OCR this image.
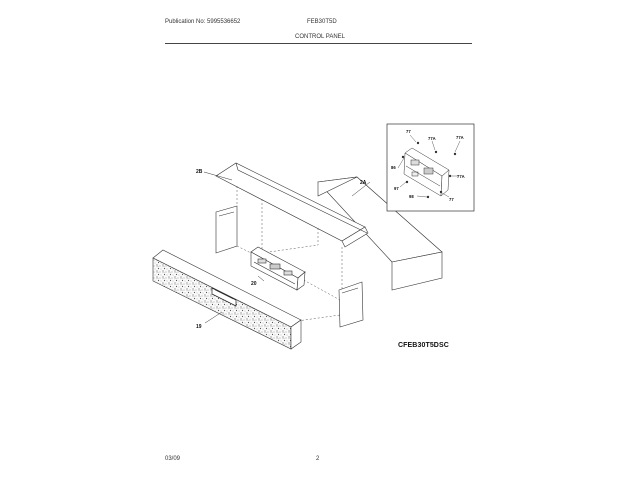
Publication No: 5995536652	FEB30T5D
CONTROL PANEL
2B
2A
20
19
77
77A	77A
77A
86
97
98
77
CFEB30T5DSC
03/09	2
